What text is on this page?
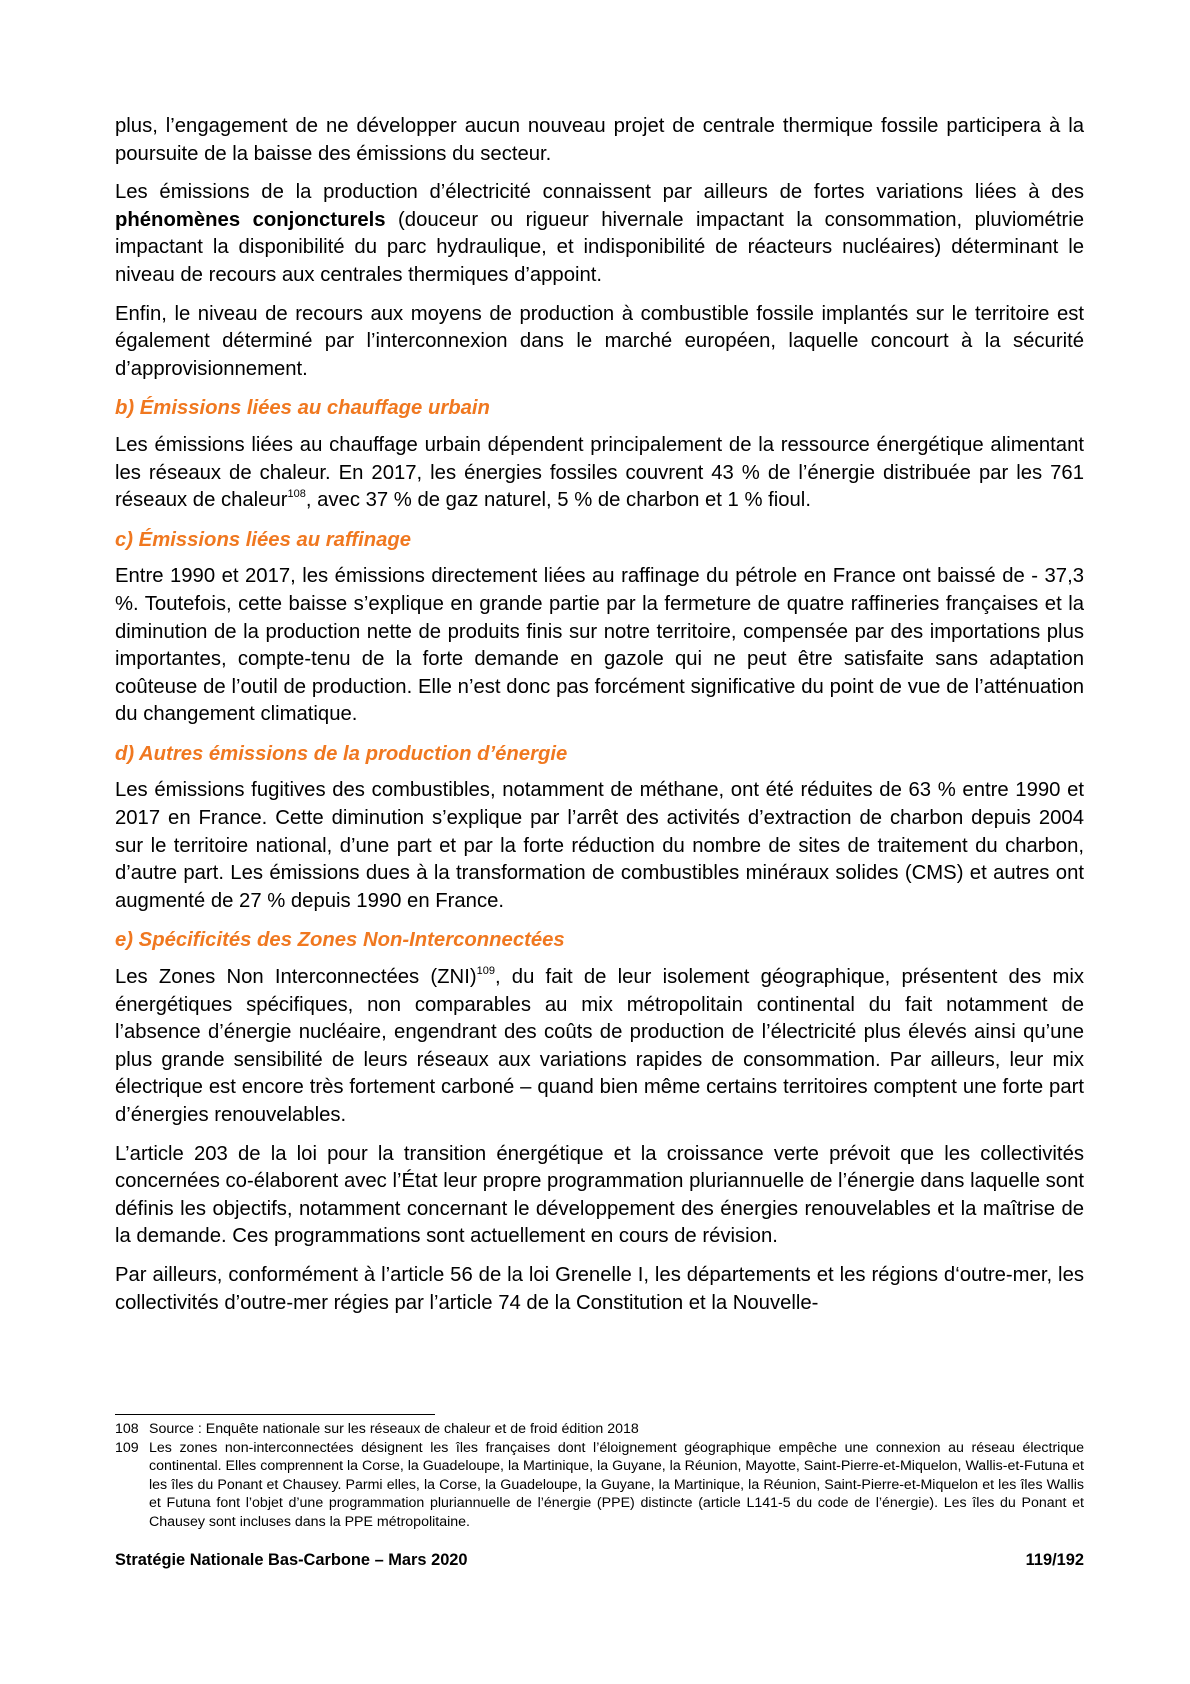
plus, l’engagement de ne développer aucun nouveau projet de centrale thermique fossile participera à la poursuite de la baisse des émissions du secteur.

Les émissions de la production d’électricité connaissent par ailleurs de fortes variations liées à des phénomènes conjoncturels (douceur ou rigueur hivernale impactant la consommation, pluviométrie impactant la disponibilité du parc hydraulique, et indisponibilité de réacteurs nucléaires) déterminant le niveau de recours aux centrales thermiques d’appoint.

Enfin, le niveau de recours aux moyens de production à combustible fossile implantés sur le territoire est également déterminé par l’interconnexion dans le marché européen, laquelle concourt à la sécurité d’approvisionnement.

b) Émissions liées au chauffage urbain

Les émissions liées au chauffage urbain dépendent principalement de la ressource énergétique alimentant les réseaux de chaleur. En 2017, les énergies fossiles couvrent 43 % de l’énergie distribuée par les 761 réseaux de chaleur$^{108}$, avec 37 % de gaz naturel, 5 % de charbon et 1 % fioul.

c) Émissions liées au raffinage

Entre 1990 et 2017, les émissions directement liées au raffinage du pétrole en France ont baissé de - 37,3 %. Toutefois, cette baisse s’explique en grande partie par la fermeture de quatre raffineries françaises et la diminution de la production nette de produits finis sur notre territoire, compensée par des importations plus importantes, compte-tenu de la forte demande en gazole qui ne peut être satisfaite sans adaptation coûteuse de l’outil de production. Elle n’est donc pas forcément significative du point de vue de l’atténuation du changement climatique.

d) Autres émissions de la production d’énergie

Les émissions fugitives des combustibles, notamment de méthane, ont été réduites de 63 % entre 1990 et 2017 en France. Cette diminution s’explique par l’arrêt des activités d’extraction de charbon depuis 2004 sur le territoire national, d’une part et par la forte réduction du nombre de sites de traitement du charbon, d’autre part. Les émissions dues à la transformation de combustibles minéraux solides (CMS) et autres ont augmenté de 27 % depuis 1990 en France.

e) Spécificités des Zones Non-Interconnectées

Les Zones Non Interconnectées (ZNI)$^{109}$, du fait de leur isolement géographique, présentent des mix énergétiques spécifiques, non comparables au mix métropolitain continental du fait notamment de l’absence d’énergie nucléaire, engendrant des coûts de production de l’électricité plus élevés ainsi qu’une plus grande sensibilité de leurs réseaux aux variations rapides de consommation. Par ailleurs, leur mix électrique est encore très fortement carboné – quand bien même certains territoires comptent une forte part d’énergies renouvelables.

L’article 203 de la loi pour la transition énergétique et la croissance verte prévoit que les collectivités concernées co-élaborent avec l’État leur propre programmation pluriannuelle de l’énergie dans laquelle sont définis les objectifs, notamment concernant le développement des énergies renouvelables et la maîtrise de la demande. Ces programmations sont actuellement en cours de révision.

Par ailleurs, conformément à l’article 56 de la loi Grenelle I, les départements et les régions d‘outre-mer, les collectivités d’outre-mer régies par l’article 74 de la Constitution et la Nouvelle-

108 Source : Enquête nationale sur les réseaux de chaleur et de froid édition 2018
109 Les zones non-interconnectées désignent les îles françaises dont l’éloignement géographique empêche une connexion au réseau électrique continental. Elles comprennent la Corse, la Guadeloupe, la Martinique, la Guyane, la Réunion, Mayotte, Saint-Pierre-et-Miquelon, Wallis-et-Futuna et les îles du Ponant et Chausey. Parmi elles, la Corse, la Guadeloupe, la Guyane, la Martinique, la Réunion, Saint-Pierre-et-Miquelon et les îles Wallis et Futuna font l’objet d’une programmation pluriannuelle de l’énergie (PPE) distincte (article L141-5 du code de l’énergie). Les îles du Ponant et Chausey sont incluses dans la PPE métropolitaine.
Stratégie Nationale Bas-Carbone – Mars 2020	119/192
